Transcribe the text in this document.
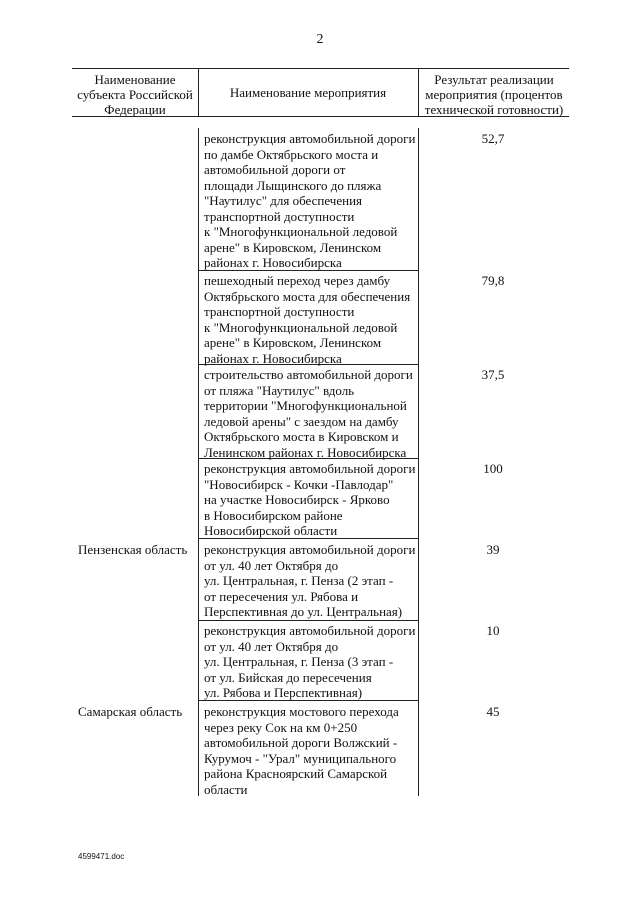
2
Наименование субъекта Российской Федерации
Наименование мероприятия
Результат реализации мероприятия (процентов технической готовности)
реконструкция автомобильной дороги
по дамбе Октябрьского моста и
автомобильной дороги от
площади Лыщинского до пляжа
"Наутилус" для обеспечения
транспортной доступности
к "Многофункциональной ледовой
арене" в Кировском, Ленинском
районах г. Новосибирска
52,7
пешеходный переход через дамбу
Октябрьского моста для обеспечения
транспортной доступности
к "Многофункциональной ледовой
арене" в Кировском, Ленинском
районах г. Новосибирска
79,8
строительство автомобильной дороги
от пляжа "Наутилус" вдоль
территории "Многофункциональной
ледовой арены" с заездом на дамбу
Октябрьского моста в Кировском и
Ленинском районах г. Новосибирска
37,5
реконструкция автомобильной дороги
"Новосибирск - Кочки -Павлодар"
на участке Новосибирск - Ярково
в Новосибирском районе
Новосибирской области
100
Пензенская область	реконструкция автомобильной дороги
от ул. 40 лет Октября до
ул. Центральная, г. Пенза (2 этап -
от пересечения ул. Рябова и
Перспективная до ул. Центральная)
39
реконструкция автомобильной дороги
от ул. 40 лет Октября до
ул. Центральная, г. Пенза (3 этап -
от ул. Бийская до пересечения
ул. Рябова и Перспективная)
10
Самарская область	реконструкция мостового перехода
через реку Сок на км 0+250
автомобильной дороги Волжский -
Курумоч - "Урал" муниципального
района Красноярский Самарской
области
45
4599471.doc
